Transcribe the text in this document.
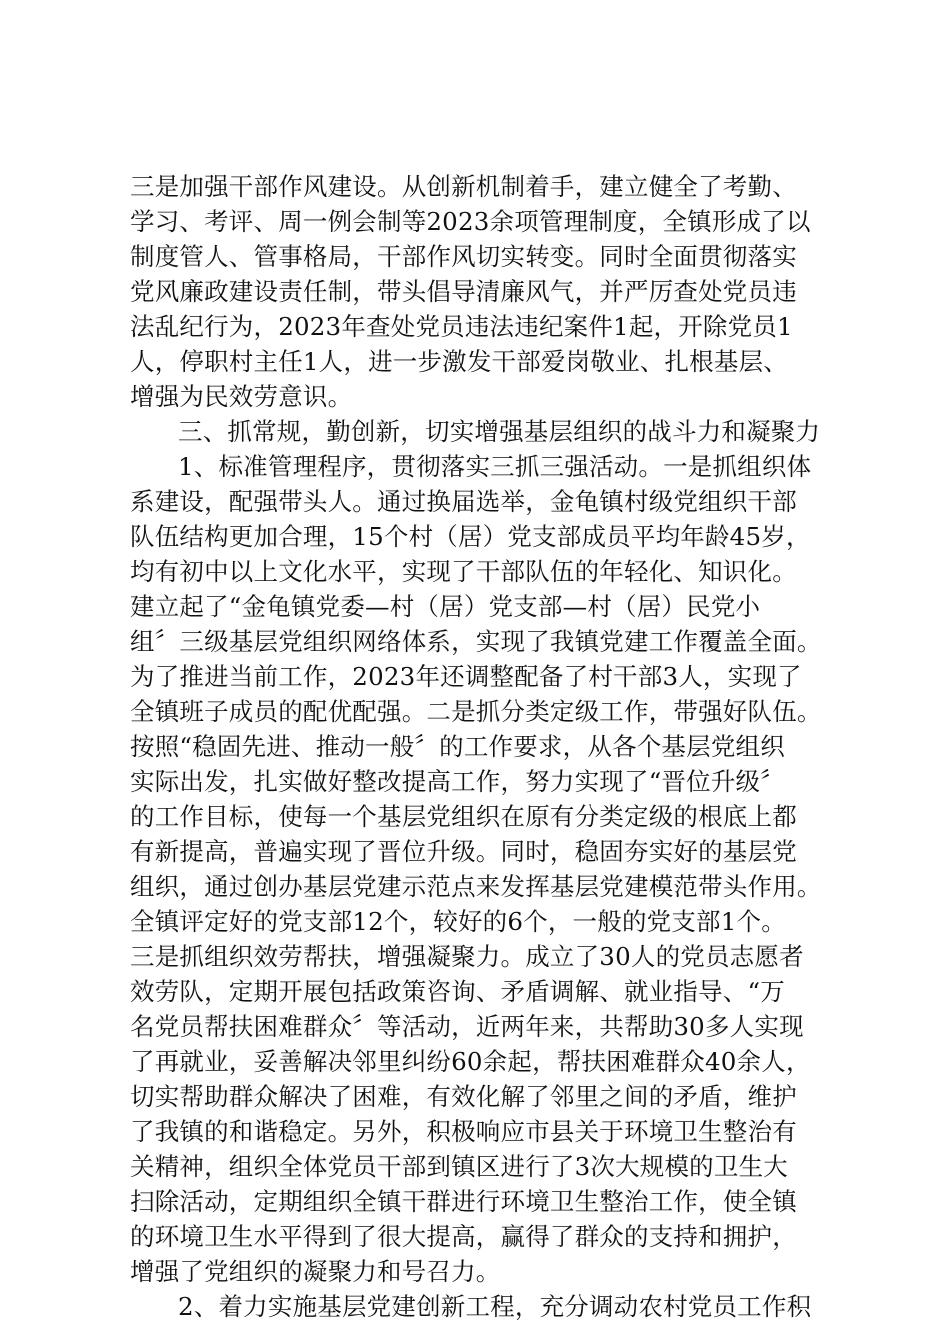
三是加强干部作风建设。从创新机制着手，建立健全了考勤、
学习、考评、周一例会制等2023余项管理制度，全镇形成了以
制度管人、管事格局，干部作风切实转变。同时全面贯彻落实
党风廉政建设责任制，带头倡导清廉风气，并严厉查处党员违
法乱纪行为，2023年查处党员违法违纪案件1起，开除党员1
人，停职村主任1人，进一步激发干部爱岗敬业、扎根基层、
增强为民效劳意识。
三、抓常规，勤创新，切实增强基层组织的战斗力和凝聚力
1、标准管理程序，贯彻落实三抓三强活动。一是抓组织体
系建设，配强带头人。通过换届选举，金龟镇村级党组织干部
队伍结构更加合理，15个村（居）党支部成员平均年龄45岁，
均有初中以上文化水平，实现了干部队伍的年轻化、知识化。
建立起了“金龟镇党委—村（居）党支部—村（居）民党小
组〞三级基层党组织网络体系，实现了我镇党建工作覆盖全面。
为了推进当前工作，2023年还调整配备了村干部3人，实现了
全镇班子成员的配优配强。二是抓分类定级工作，带强好队伍。
按照“稳固先进、推动一般〞的工作要求，从各个基层党组织
实际出发，扎实做好整改提高工作，努力实现了“晋位升级〞
的工作目标，使每一个基层党组织在原有分类定级的根底上都
有新提高，普遍实现了晋位升级。同时，稳固夯实好的基层党
组织，通过创办基层党建示范点来发挥基层党建模范带头作用。
全镇评定好的党支部12个，较好的6个，一般的党支部1个。
三是抓组织效劳帮扶，增强凝聚力。成立了30人的党员志愿者
效劳队，定期开展包括政策咨询、矛盾调解、就业指导、“万
名党员帮扶困难群众〞等活动，近两年来，共帮助30多人实现
了再就业，妥善解决邻里纠纷60余起，帮扶困难群众40余人，
切实帮助群众解决了困难，有效化解了邻里之间的矛盾，维护
了我镇的和谐稳定。另外，积极响应市县关于环境卫生整治有
关精神，组织全体党员干部到镇区进行了3次大规模的卫生大
扫除活动，定期组织全镇干群进行环境卫生整治工作，使全镇
的环境卫生水平得到了很大提高，赢得了群众的支持和拥护，
增强了党组织的凝聚力和号召力。
2、着力实施基层党建创新工程，充分调动农村党员工作积
